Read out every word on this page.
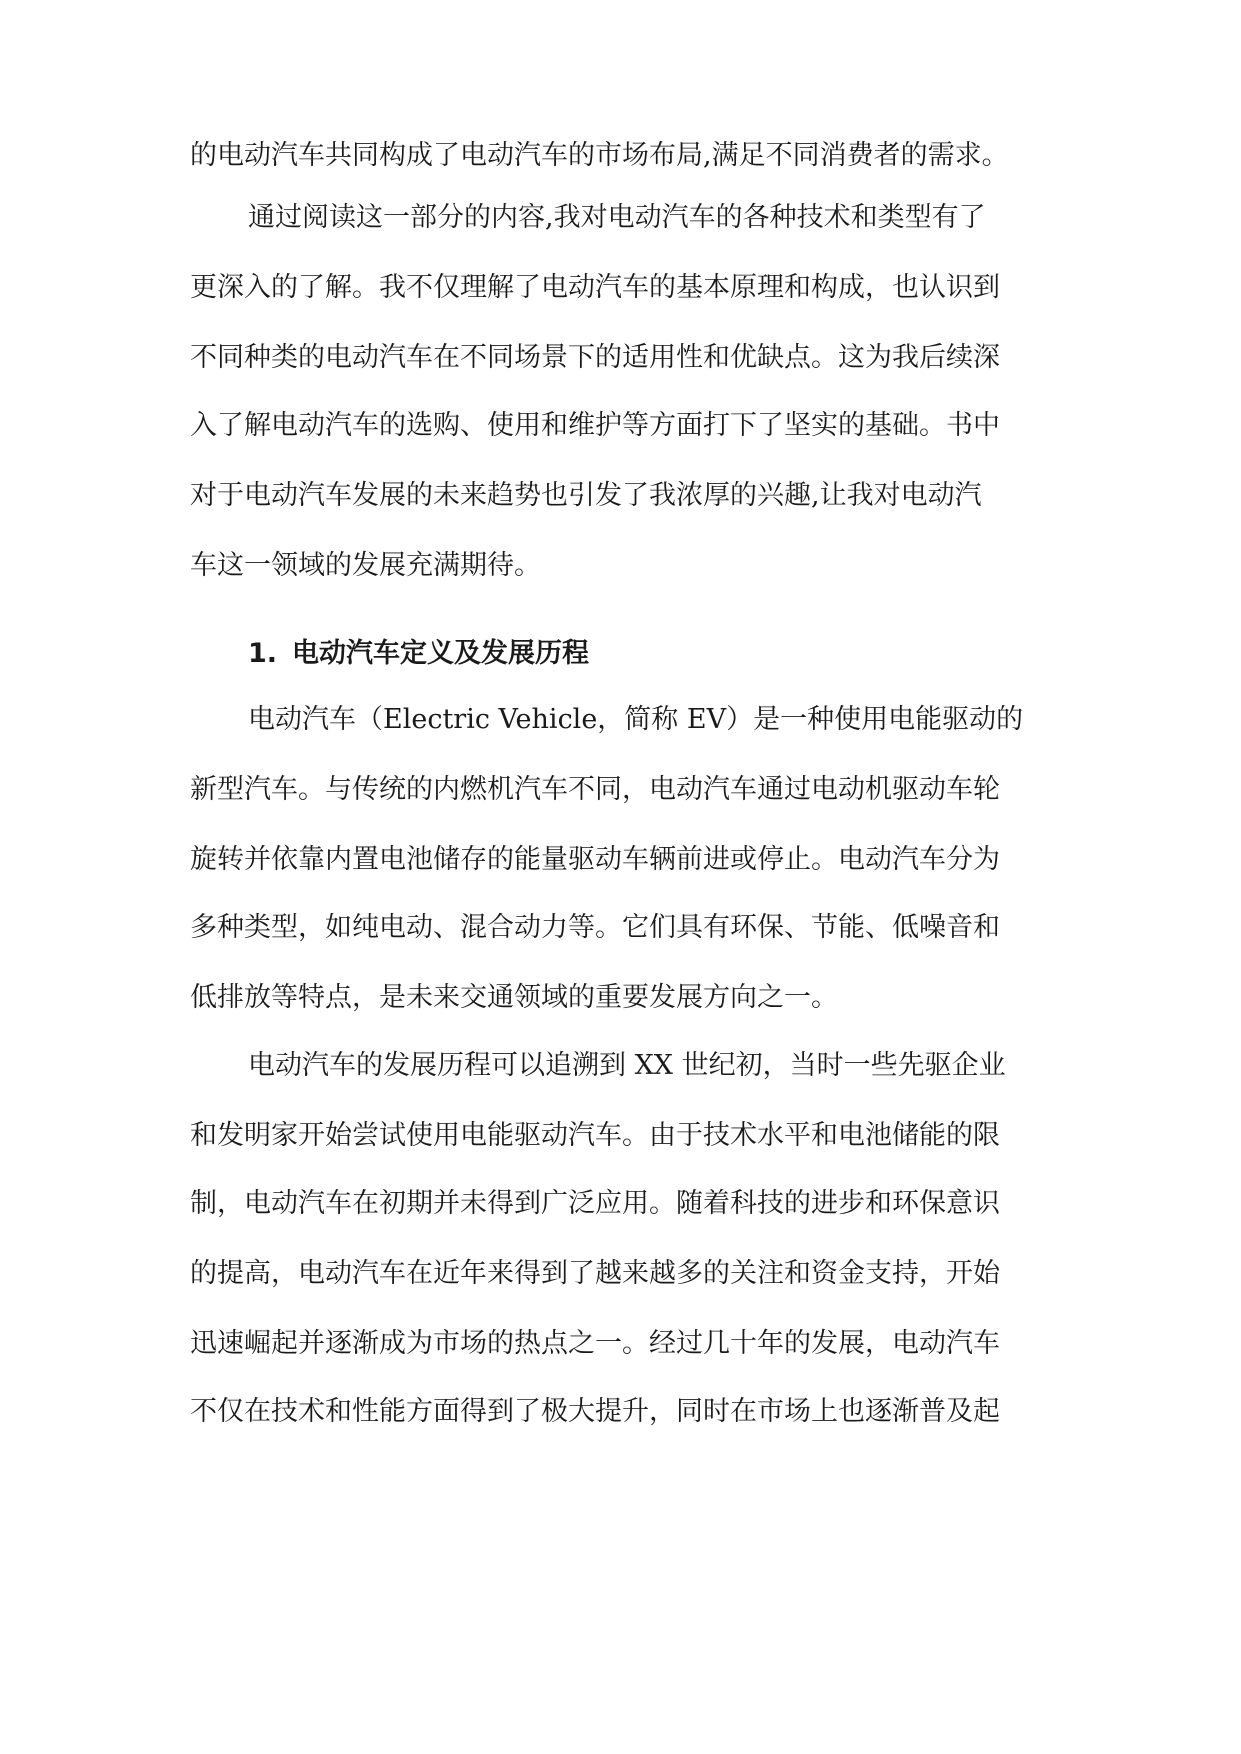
的电动汽车共同构成了电动汽车的市场布局,满足不同消费者的需求。
通过阅读这一部分的内容,我对电动汽车的各种技术和类型有了
更深入的了解。我不仅理解了电动汽车的基本原理和构成，也认识到
不同种类的电动汽车在不同场景下的适用性和优缺点。这为我后续深
入了解电动汽车的选购、使用和维护等方面打下了坚实的基础。书中
对于电动汽车发展的未来趋势也引发了我浓厚的兴趣,让我对电动汽
车这一领域的发展充满期待。
1. 电动汽车定义及发展历程
电动汽车（Electric Vehicle，简称 EV）是一种使用电能驱动的
新型汽车。与传统的内燃机汽车不同，电动汽车通过电动机驱动车轮
旋转并依靠内置电池储存的能量驱动车辆前进或停止。电动汽车分为
多种类型，如纯电动、混合动力等。它们具有环保、节能、低噪音和
低排放等特点，是未来交通领域的重要发展方向之一。
电动汽车的发展历程可以追溯到 XX 世纪初，当时一些先驱企业
和发明家开始尝试使用电能驱动汽车。由于技术水平和电池储能的限
制，电动汽车在初期并未得到广泛应用。随着科技的进步和环保意识
的提高，电动汽车在近年来得到了越来越多的关注和资金支持，开始
迅速崛起并逐渐成为市场的热点之一。经过几十年的发展，电动汽车
不仅在技术和性能方面得到了极大提升，同时在市场上也逐渐普及起
